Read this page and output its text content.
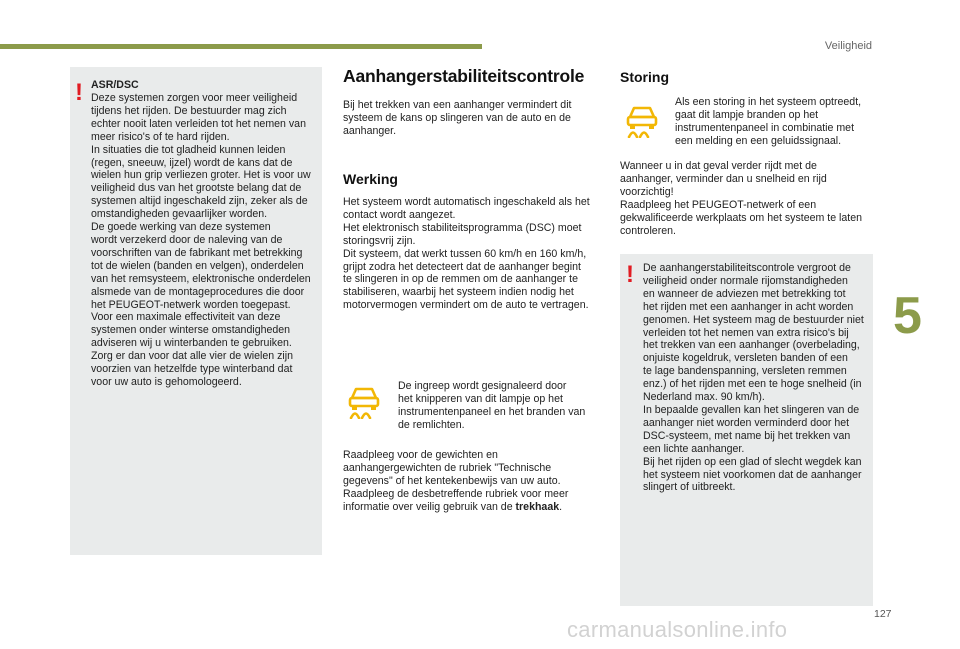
Veiligheid
! ASR/DSC
Deze systemen zorgen voor meer veiligheid
tijdens het rijden. De bestuurder mag zich
echter nooit laten verleiden tot het nemen van
meer risico's of te hard rijden.
In situaties die tot gladheid kunnen leiden
(regen, sneeuw, ijzel) wordt de kans dat de
wielen hun grip verliezen groter. Het is voor uw
veiligheid dus van het grootste belang dat de
systemen altijd ingeschakeld zijn, zeker als de
omstandigheden gevaarlijker worden.
De goede werking van deze systemen
wordt verzekerd door de naleving van de
voorschriften van de fabrikant met betrekking
tot de wielen (banden en velgen), onderdelen
van het remsysteem, elektronische onderdelen
alsmede van de montageprocedures die door
het PEUGEOT-netwerk worden toegepast.
Voor een maximale effectiviteit van deze
systemen onder winterse omstandigheden
adviseren wij u winterbanden te gebruiken.
Zorg er dan voor dat alle vier de wielen zijn
voorzien van hetzelfde type winterband dat
voor uw auto is gehomologeerd.
Aanhangerstabiliteitscontrole
Bij het trekken van een aanhanger vermindert dit
systeem de kans op slingeren van de auto en de
aanhanger.
Werking
Het systeem wordt automatisch ingeschakeld als het
contact wordt aangezet.
Het elektronisch stabiliteitsprogramma (DSC) moet
storingsvrij zijn.
Dit systeem, dat werkt tussen 60 km/h en 160 km/h,
grijpt zodra het detecteert dat de aanhanger begint
te slingeren in op de remmen om de aanhanger te
stabiliseren, waarbij het systeem indien nodig het
motorvermogen vermindert om de auto te vertragen.
De ingreep wordt gesignaleerd door
het knipperen van dit lampje op het
instrumentenpaneel en het branden van
de remlichten.
Raadpleeg voor de gewichten en
aanhangergewichten de rubriek "Technische
gegevens" of het kentekenbewijs van uw auto.
Raadpleeg de desbetreffende rubriek voor meer
informatie over veilig gebruik van de trekhaak.
Storing
Als een storing in het systeem optreedt,
gaat dit lampje branden op het
instrumentenpaneel in combinatie met
een melding en een geluidssignaal.
Wanneer u in dat geval verder rijdt met de
aanhanger, verminder dan u snelheid en rijd
voorzichtig!
Raadpleeg het PEUGEOT-netwerk of een
gekwalificeerde werkplaats om het systeem te laten
controleren.
! De aanhangerstabiliteitscontrole vergroot de
veiligheid onder normale rijomstandigheden
en wanneer de adviezen met betrekking tot
het rijden met een aanhanger in acht worden
genomen. Het systeem mag de bestuurder niet
verleiden tot het nemen van extra risico's bij
het trekken van een aanhanger (overbelading,
onjuiste kogeldruk, versleten banden of een
te lage bandenspanning, versleten remmen
enz.) of het rijden met een te hoge snelheid (in
Nederland max. 90 km/h).
In bepaalde gevallen kan het slingeren van de
aanhanger niet worden verminderd door het
DSC-systeem, met name bij het trekken van
een lichte aanhanger.
Bij het rijden op een glad of slecht wegdek kan
het systeem niet voorkomen dat de aanhanger
slingert of uitbreekt.
5
127
carmanualsonline.info
